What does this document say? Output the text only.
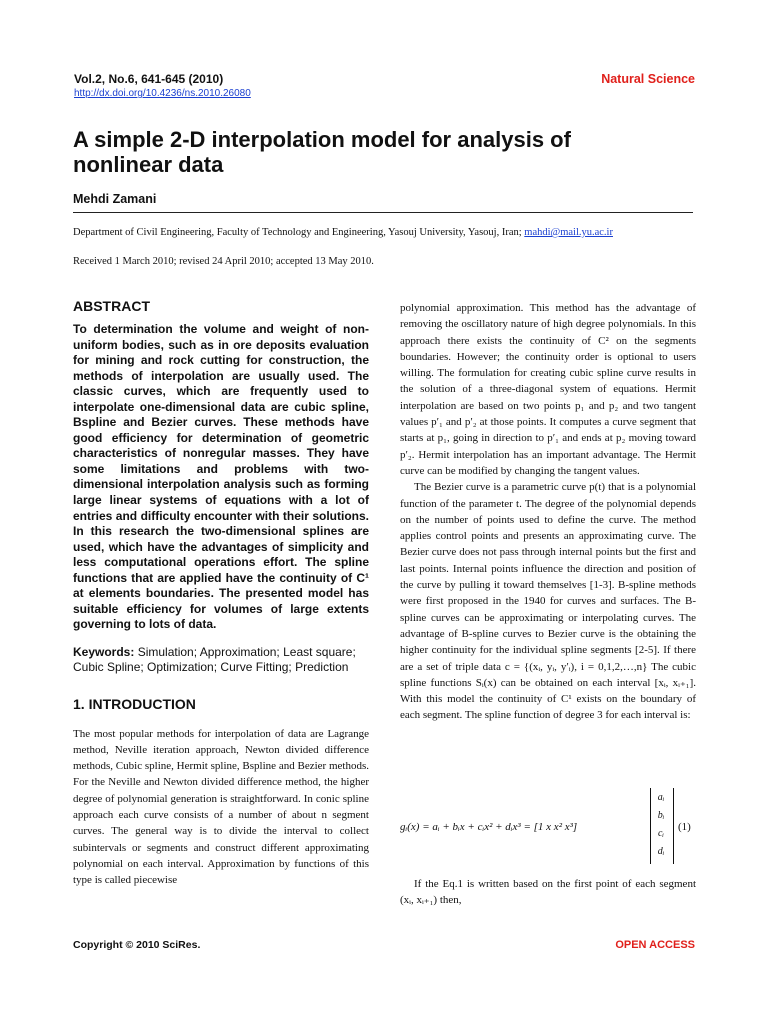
Vol.2, No.6, 641-645 (2010)
http://dx.doi.org/10.4236/ns.2010.26080
Natural Science
A simple 2-D interpolation model for analysis of nonlinear data
Mehdi Zamani
Department of Civil Engineering, Faculty of Technology and Engineering, Yasouj University, Yasouj, Iran; mahdi@mail.yu.ac.ir
Received 1 March 2010; revised 24 April 2010; accepted 13 May 2010.
ABSTRACT
To determination the volume and weight of non-uniform bodies, such as in ore deposits evaluation for mining and rock cutting for construction, the methods of interpolation are usually used. The classic curves, which are frequently used to interpolate one-dimensional data are cubic spline, Bspline and Bezier curves. These methods have good efficiency for determination of geometric characteristics of nonregular masses. They have some limitations and problems with two-dimensional interpolation analysis such as forming large linear systems of equations with a lot of entries and difficulty encounter with their solutions. In this research the two-dimensional splines are used, which have the advantages of simplicity and less computational operations effort. The spline functions that are applied have the continuity of C¹ at elements boundaries. The presented model has suitable efficiency for volumes of large extents governing to lots of data.
Keywords: Simulation; Approximation; Least square; Cubic Spline; Optimization; Curve Fitting; Prediction
1. INTRODUCTION
The most popular methods for interpolation of data are Lagrange method, Neville iteration approach, Newton divided difference methods, Cubic spline, Hermit spline, Bspline and Bezier methods. For the Neville and Newton divided difference method, the higher degree of polynomial generation is straightforward. In conic spline approach each curve consists of a number of about n segment curves. The general way is to divide the interval to collect subintervals or segments and construct different approximating polynomial on each interval. Approximation by functions of this type is called piecewise
polynomial approximation. This method has the advantage of removing the oscillatory nature of high degree polynomials. In this approach there exists the continuity of C² on the segments boundaries. However; the continuity order is optional to users willing. The formulation for creating cubic spline curve results in the solution of a three-diagonal system of equations. Hermit interpolation are based on two points p₁ and p₂ and two tangent values p′₁ and p′₂ at those points. It computes a curve segment that starts at p₁, going in direction to p′₁ and ends at p₂ moving toward p′₂. Hermit interpolation has an important advantage. The Hermit curve can be modified by changing the tangent values.
The Bezier curve is a parametric curve p(t) that is a polynomial function of the parameter t. The degree of the polynomial depends on the number of points used to define the curve. The method applies control points and presents an approximating curve. The Bezier curve does not pass through internal points but the first and last points. Internal points influence the direction and position of the curve by pulling it toward themselves [1-3]. B-spline methods were first proposed in the 1940 for curves and surfaces. The B-spline curves can be approximating or interpolating curves. The advantage of B-spline curves to Bezier curve is the obtaining the higher continuity for the individual spline segments [2-5]. If there are a set of triple data c = {(xᵢ, yᵢ, y′ᵢ), i = 0,1,2,…,n} The cubic spline functions Sᵢ(x) can be obtained on each interval [xᵢ, xᵢ₊₁]. With this model the continuity of C¹ exists on the boundary of each segment. The spline function of degree 3 for each interval is:
gᵢ(x) = aᵢ + bᵢx + cᵢx² + dᵢx³ = [1 x x² x³]
aᵢ
bᵢ
cᵢ
dᵢ
(1)
If the Eq.1 is written based on the first point of each segment (xᵢ, xᵢ₊₁) then,
Copyright © 2010 SciRes.	OPEN ACCESS
